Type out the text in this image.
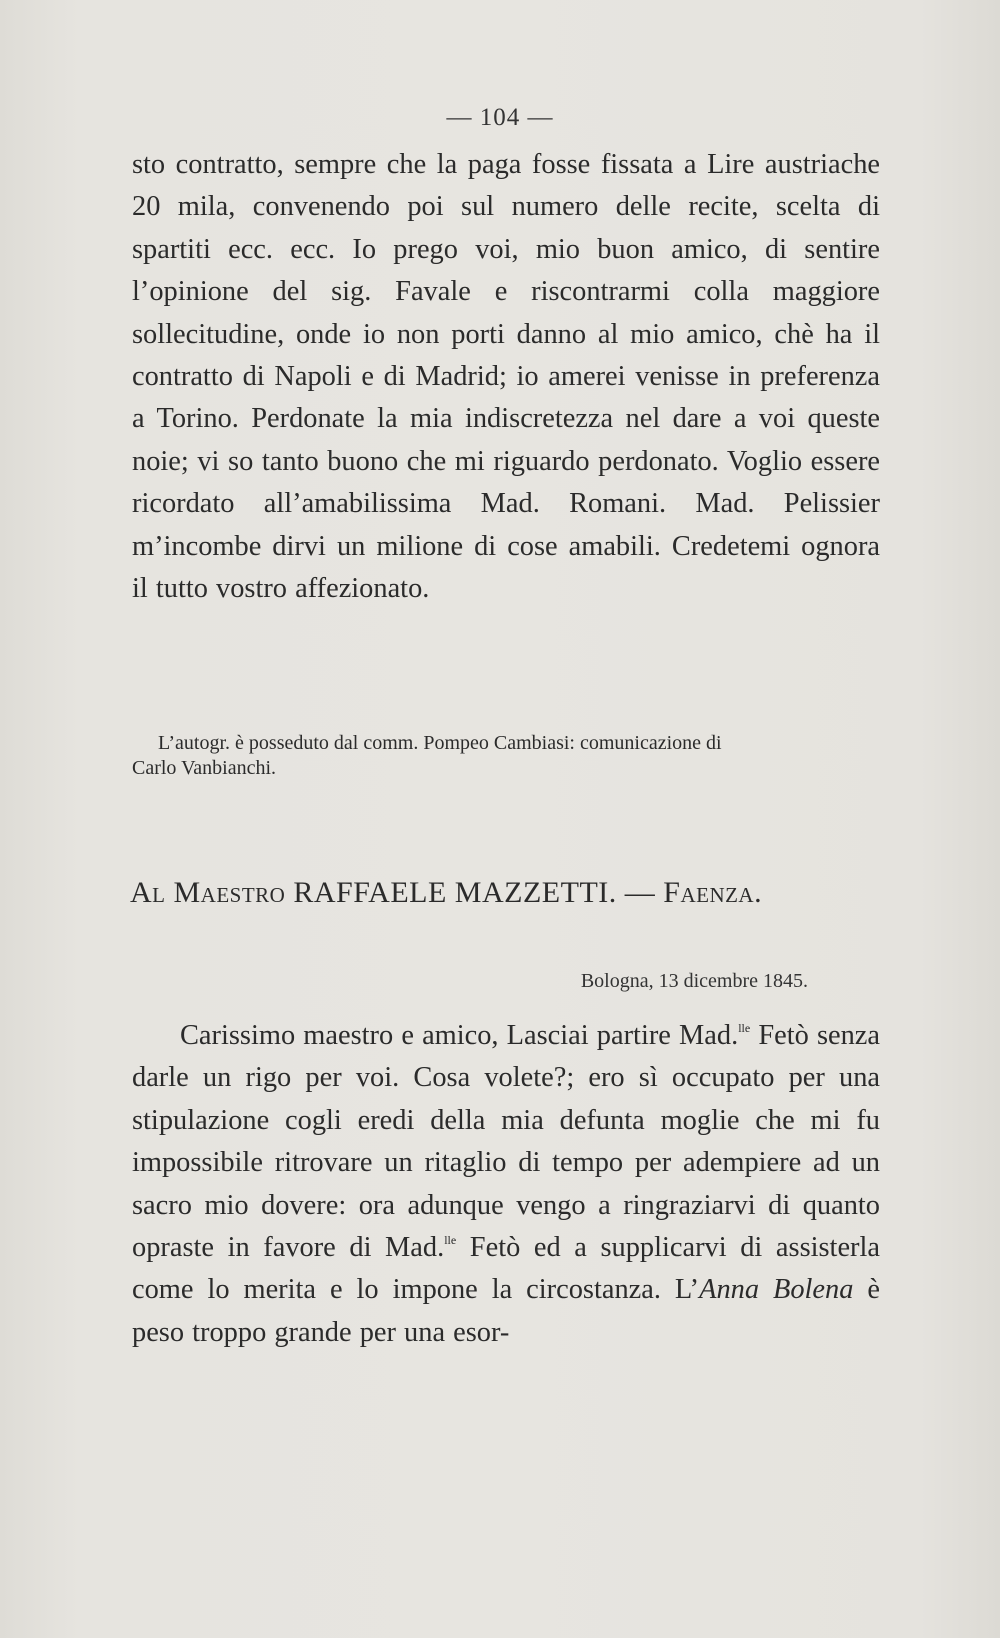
— 104 —

sto contratto, sempre che la paga fosse fissata a Lire austriache 20 mila, convenendo poi sul numero delle recite, scelta di spartiti ecc. ecc. Io prego voi, mio buon amico, di sentire l’opinione del sig. Favale e riscontrarmi colla maggiore sollecitudine, onde io non porti danno al mio amico, chè ha il contratto di Napoli e di Madrid; io amerei venisse in preferenza a Torino. Perdonate la mia indiscretezza nel dare a voi queste noie; vi so tanto buono che mi riguardo perdonato. Voglio essere ricordato all’amabilissima Mad. Romani. Mad. Pelissier m’incombe dirvi un milione di cose amabili. Credetemi ognora il tutto vostro affezionato.

L’autogr. è posseduto dal comm. Pompeo Cambiasi: comunicazione di
Carlo Vanbianchi.

Al Maestro RAFFAELE MAZZETTI. — Faenza.
Bologna, 13 dicembre 1845.

Carissimo maestro e amico, Lasciai partire Mad.$^{lle}$ Fetò senza darle un rigo per voi. Cosa volete?; ero sì occupato per una stipulazione cogli eredi della mia defunta moglie che mi fu impossibile ritrovare un ritaglio di tempo per adempiere ad un sacro mio dovere: ora adunque vengo a ringraziarvi di quanto opraste in favore di Mad.$^{lle}$ Fetò ed a supplicarvi di assisterla come lo merita e lo impone la circostanza. L’Anna Bolena è peso troppo grande per una esor-
